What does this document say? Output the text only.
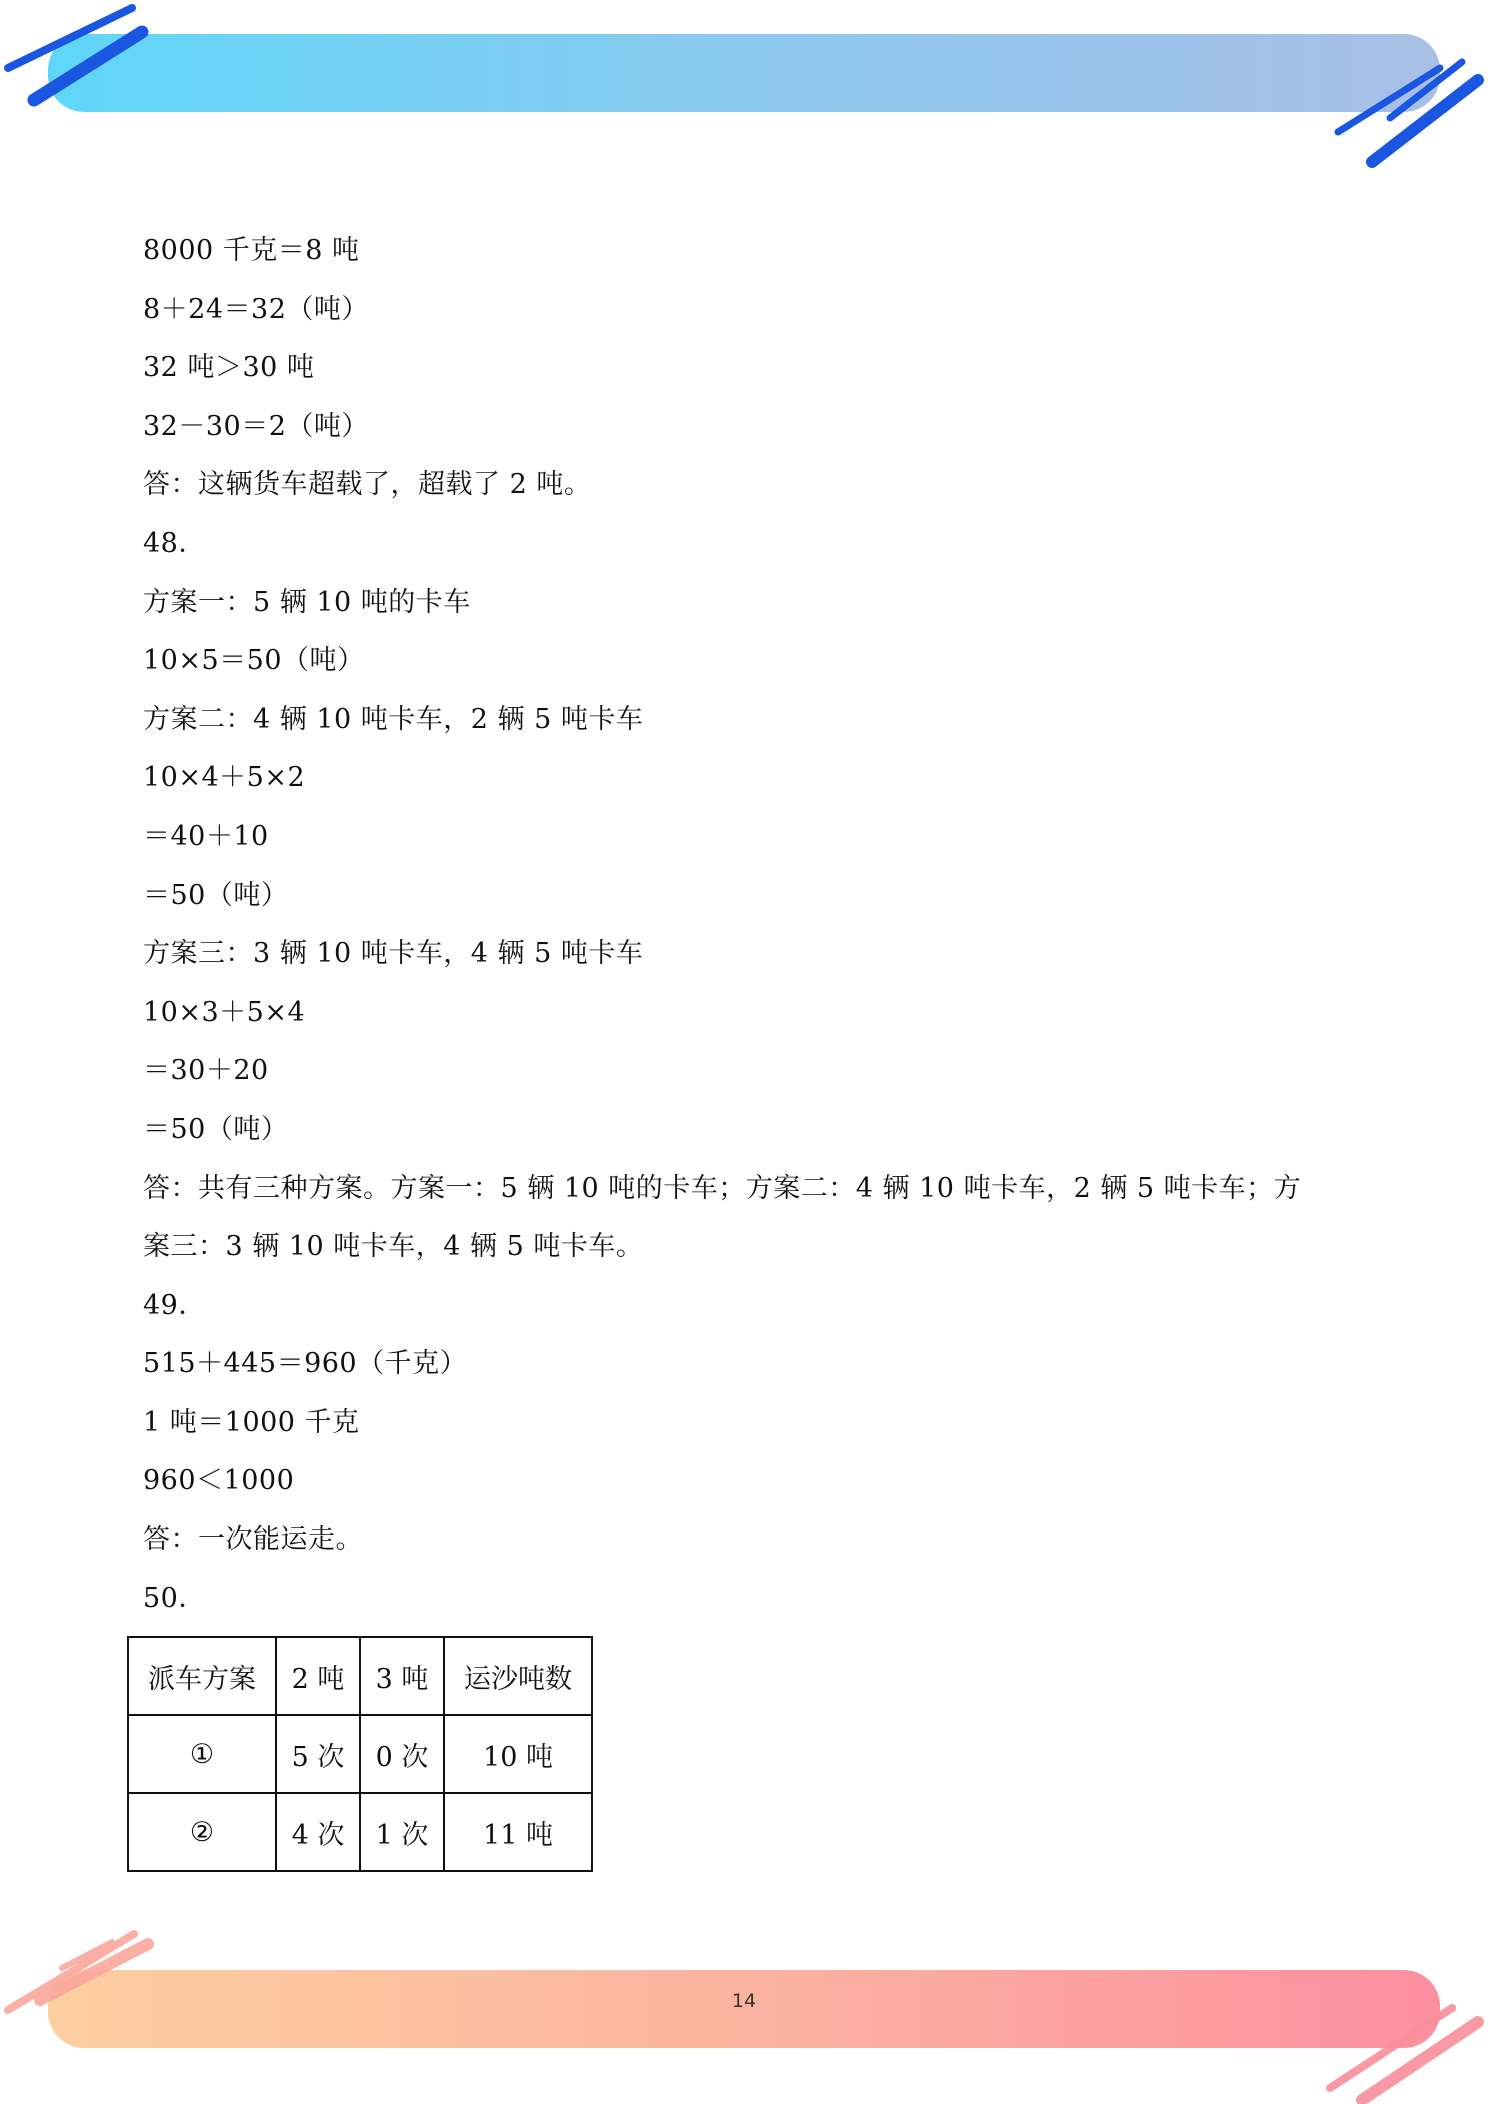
14
8000 千克＝8 吨
8＋24＝32（吨）
32 吨＞30 吨
32－30＝2（吨）
答：这辆货车超载了，超载了 2 吨。
48．
方案一：5 辆 10 吨的卡车
10×5＝50（吨）
方案二：4 辆 10 吨卡车，2 辆 5 吨卡车
10×4＋5×2
＝40＋10
＝50（吨）
方案三：3 辆 10 吨卡车，4 辆 5 吨卡车
10×3＋5×4
＝30＋20
＝50（吨）
答：共有三种方案。方案一：5 辆 10 吨的卡车；方案二：4 辆 10 吨卡车，2 辆 5 吨卡车；方
案三：3 辆 10 吨卡车，4 辆 5 吨卡车。
49．
515＋445＝960（千克）
1 吨＝1000 千克
960＜1000
答：一次能运走。
50．
派车方案	2 吨	3 吨	运沙吨数
①	5 次	0 次	10 吨
②	4 次	1 次	11 吨
